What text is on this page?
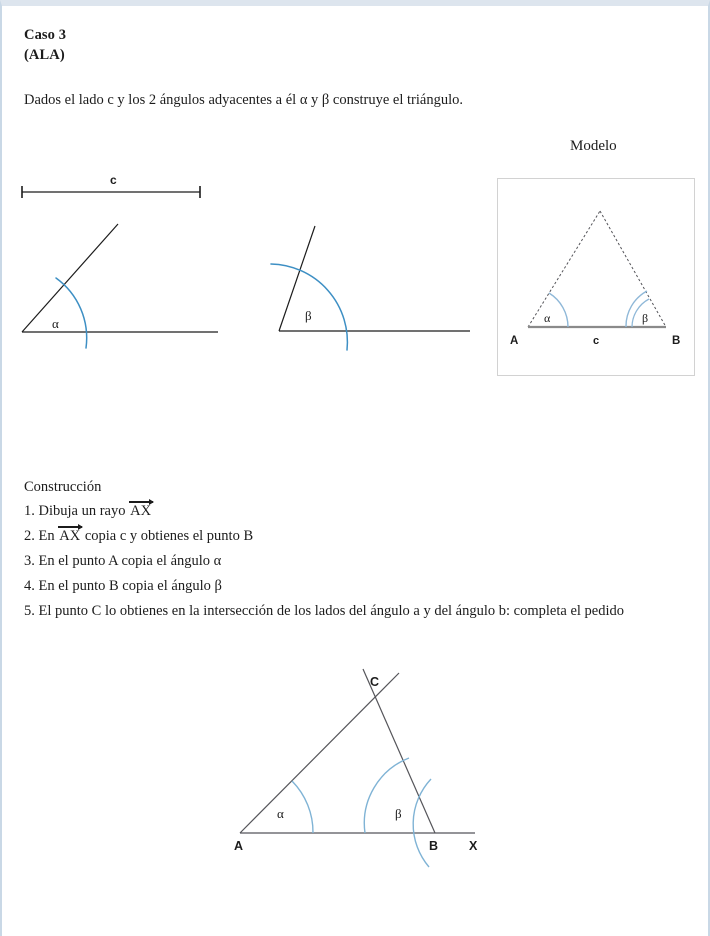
Caso 3
(ALA)
Dados el lado c y los 2 ángulos adyacentes a él α y β construye el triángulo.
Modelo
c
α
β	α	β
A	B
c
Construcción
1. Dibuja un rayo AX
2. En AX copia c y obtienes el punto B
3. En el punto A copia el ángulo α
4. En el punto B copia el ángulo β
5. El punto C lo obtienes en la intersección de los lados del ángulo a y del ángulo b: completa el pedido
α	β
C
A	B X
